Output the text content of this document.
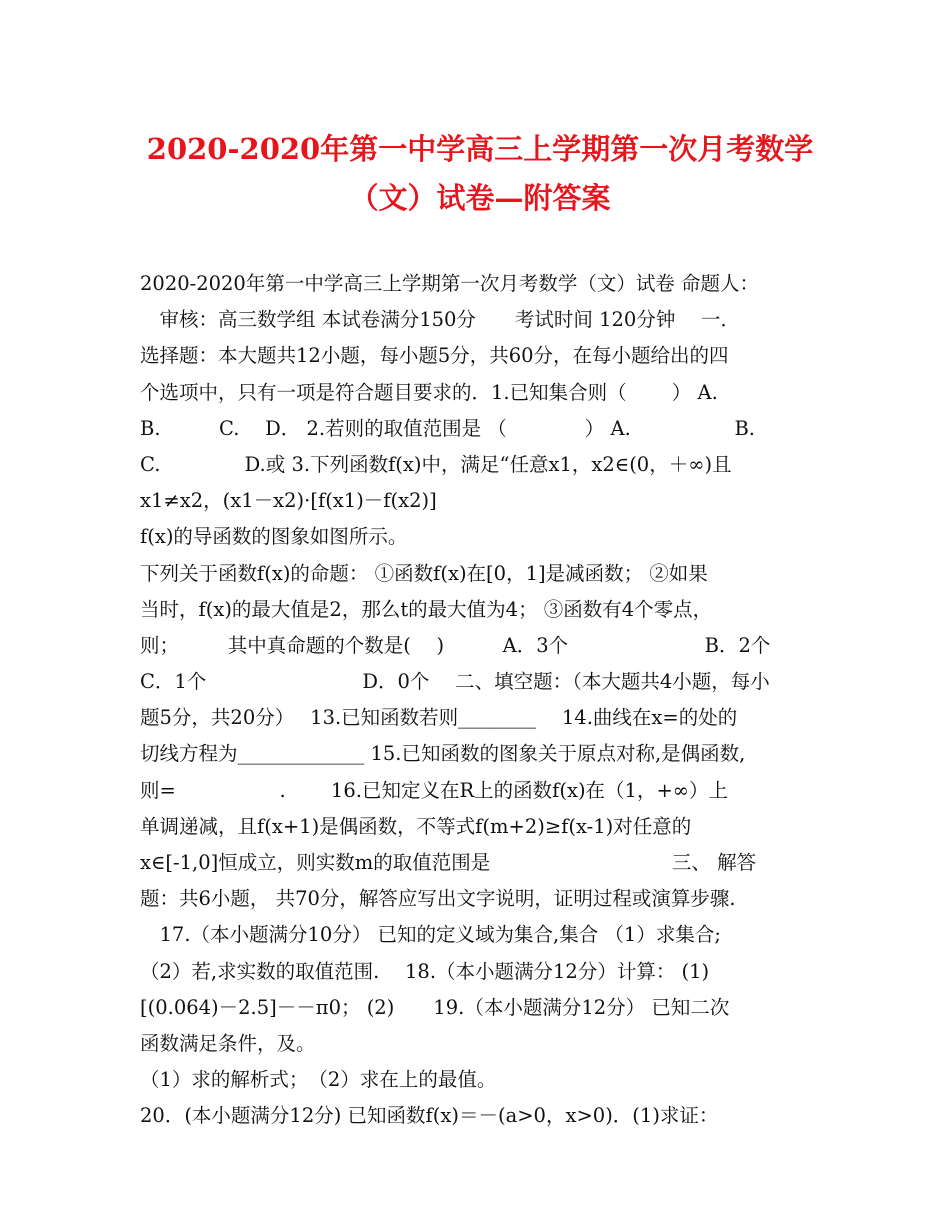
2020-2020年第一中学高三上学期第一次月考数学
（文）试卷—附答案
2020-2020年第一中学高三上学期第一次月考数学（文）试卷 命题人：
　审核：高三数学组 本试卷满分150分　　考试时间 120分钟　 一．
选择题：本大题共12小题，每小题5分，共60分，在每小题给出的四
个选项中，只有一项是符合题目要求的．1.已知集合则（　　 ） A.
B.　　　C.　 D． 2.若则的取值范围是 （　　　　） A.　　　　　 B.
C.　　　　 D.或 3.下列函数f(x)中，满足“任意x1，x2∈(0，＋∞)且
x1≠x2，(x1－x2)·[f(x1)－f(x2)]
f(x)的导函数的图象如图所示。
下列关于函数f(x)的命题： ①函数f(x)在[0，1]是减函数； ②如果
当时，f(x)的最大值是2，那么t的最大值为4； ③函数有4个零点，
则；　　　其中真命题的个数是(　 )　　　A．3个　　　　　　　B．2个
C．1个　　　　　　　　D．0个　 二、填空题：（本大题共4小题，每小
题5分，共20分）　 13.已知函数若则________　 14.曲线在x=的处的
切线方程为_____________ 15.已知函数的图象关于原点对称,是偶函数,
则=　　　　　 .　　 16.已知定义在R上的函数f(x)在（1，+∞）上
单调递减，且f(x+1)是偶函数，不等式f(m+2)≥f(x-1)对任意的
x∈[-1,0]恒成立，则实数m的取值范围是　　　　　　　　　 三、 解答
题：共6小题， 共70分，解答应写出文字说明，证明过程或演算步骤.
　17.（本小题满分10分） 已知的定义域为集合,集合 （1）求集合;
（2）若,求实数的取值范围.　 18.（本小题满分12分）计算： (1)
[(0.064)－2.5]－－π0； (2)　　19.（本小题满分12分） 已知二次
函数满足条件，及。
（1）求的解析式；　（2）求在上的最值。
20．(本小题满分12分) 已知函数f(x)＝－(a>0，x>0)．(1)求证：
